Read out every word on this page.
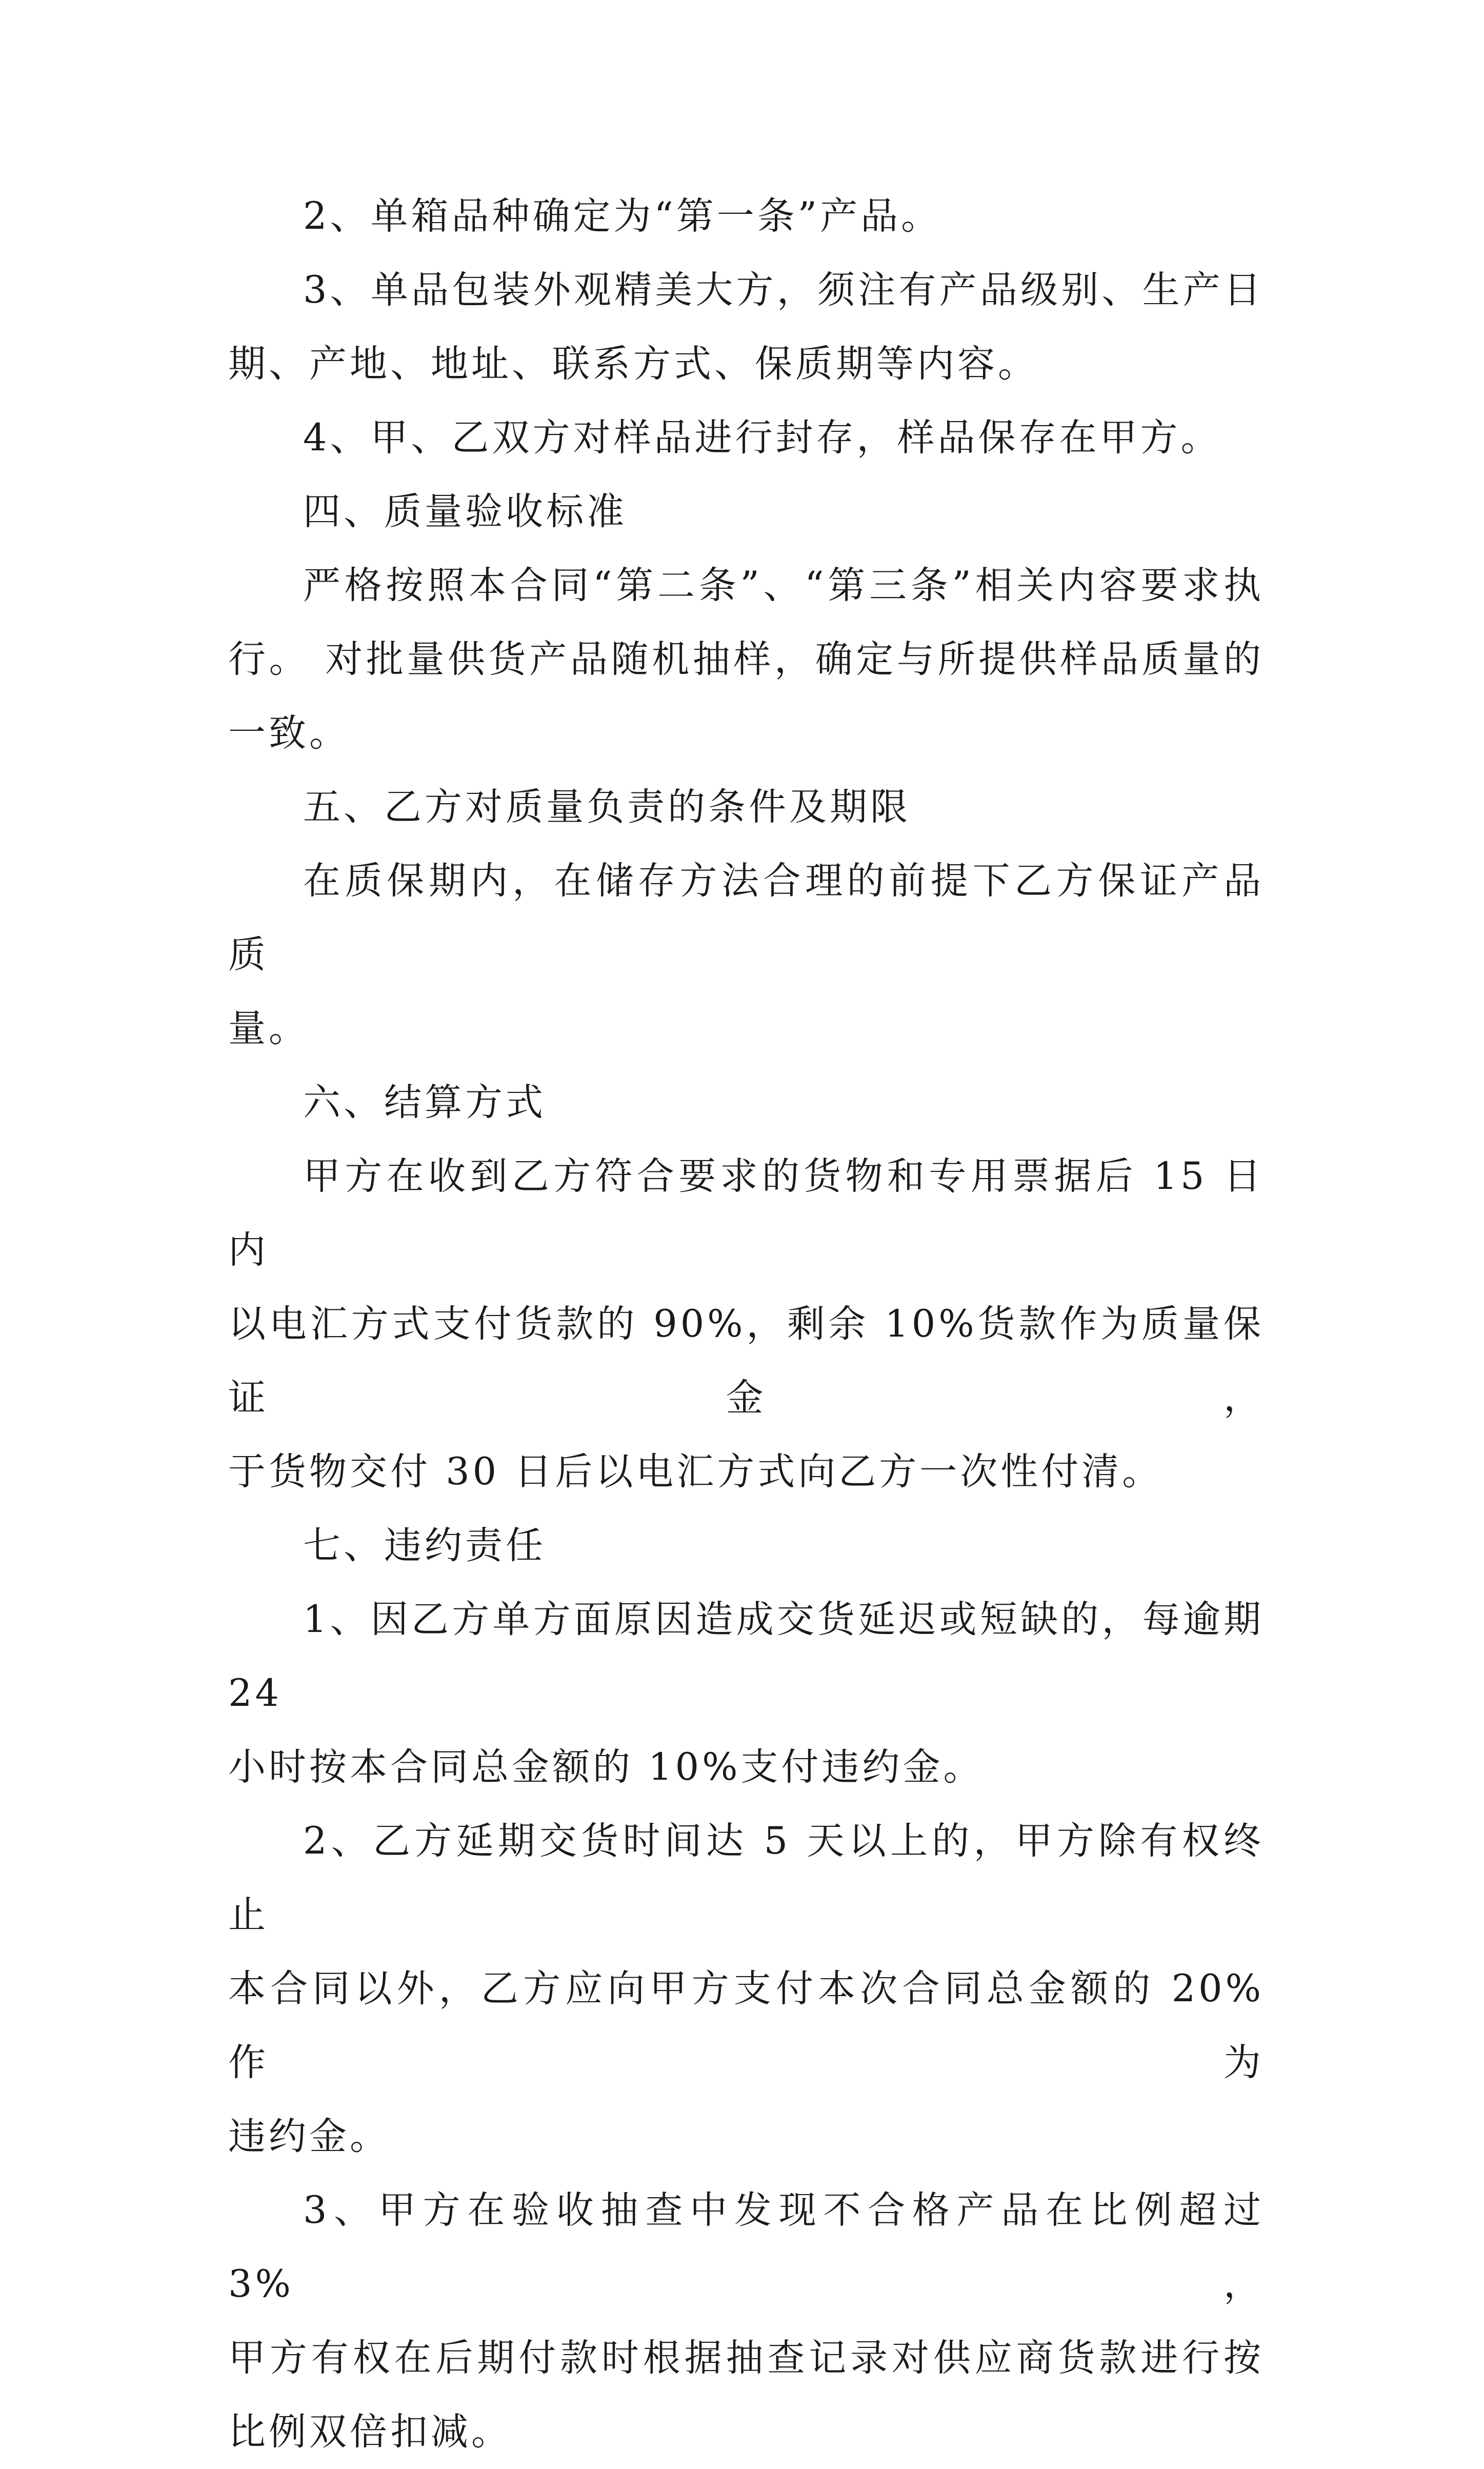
2、单箱品种确定为“第一条”产品。

3、单品包装外观精美大方，须注有产品级别、生产日
期、产地、地址、联系方式、保质期等内容。

4、甲、乙双方对样品进行封存，样品保存在甲方。

四、质量验收标准

严格按照本合同“第二条”、“第三条”相关内容要求执
行。 对批量供货产品随机抽样，确定与所提供样品质量的
一致。

五、乙方对质量负责的条件及期限

在质保期内，在储存方法合理的前提下乙方保证产品质
量。

六、结算方式

甲方在收到乙方符合要求的货物和专用票据后 15 日内
以电汇方式支付货款的 90%，剩余 10%货款作为质量保证金，
于货物交付 30 日后以电汇方式向乙方一次性付清。

七、违约责任

1、因乙方单方面原因造成交货延迟或短缺的，每逾期 24
小时按本合同总金额的 10%支付违约金。

2、乙方延期交货时间达 5 天以上的，甲方除有权终止
本合同以外，乙方应向甲方支付本次合同总金额的 20%作为
违约金。

3、甲方在验收抽查中发现不合格产品在比例超过 3%，
甲方有权在后期付款时根据抽查记录对供应商货款进行按
比例双倍扣减。
